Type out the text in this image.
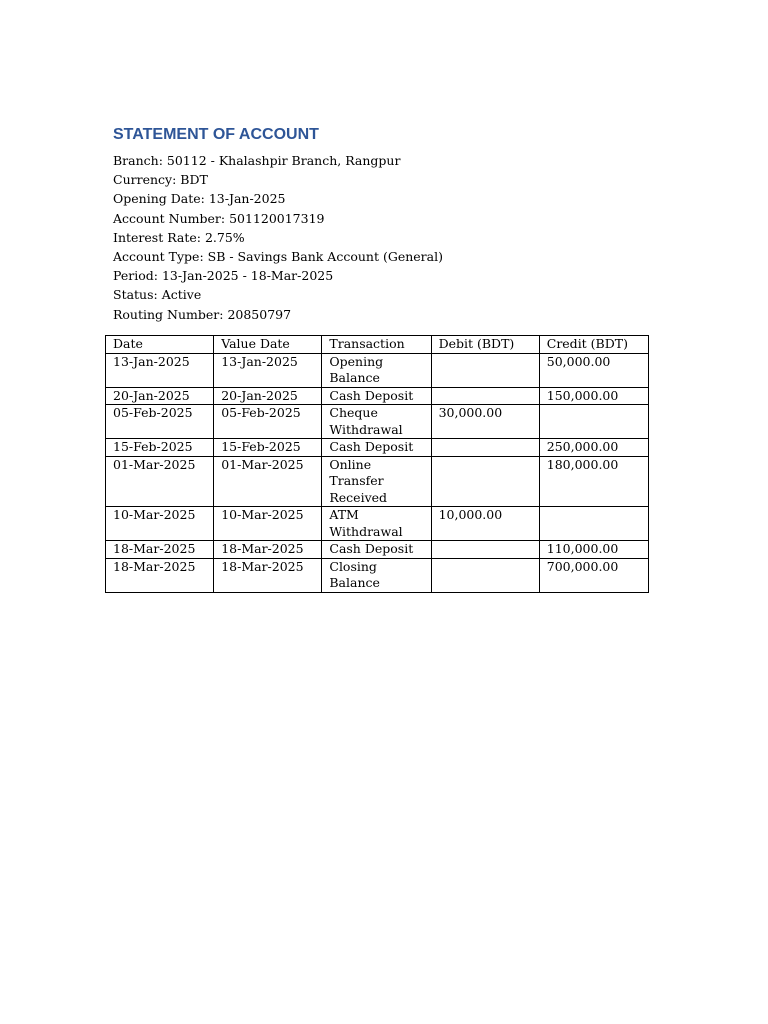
STATEMENT OF ACCOUNT

Branch: 50112 - Khalashpir Branch, Rangpur

Currency: BDT

Opening Date: 13-Jan-2025

Account Number: 501120017319

Interest Rate: 2.75%

Account Type: SB - Savings Bank Account (General)

Period: 13-Jan-2025 - 18-Mar-2025

Status: Active

Routing Number: 20850797

Date	Value Date	Transaction	Debit (BDT)	Credit (BDT)
13-Jan-2025	13-Jan-2025	Opening Balance		50,000.00
20-Jan-2025	20-Jan-2025	Cash Deposit		150,000.00
05-Feb-2025	05-Feb-2025	Cheque Withdrawal	30,000.00	
15-Feb-2025	15-Feb-2025	Cash Deposit		250,000.00
01-Mar-2025	01-Mar-2025	Online Transfer Received		180,000.00
10-Mar-2025	10-Mar-2025	ATM Withdrawal	10,000.00	
18-Mar-2025	18-Mar-2025	Cash Deposit		110,000.00
18-Mar-2025	18-Mar-2025	Closing Balance		700,000.00
